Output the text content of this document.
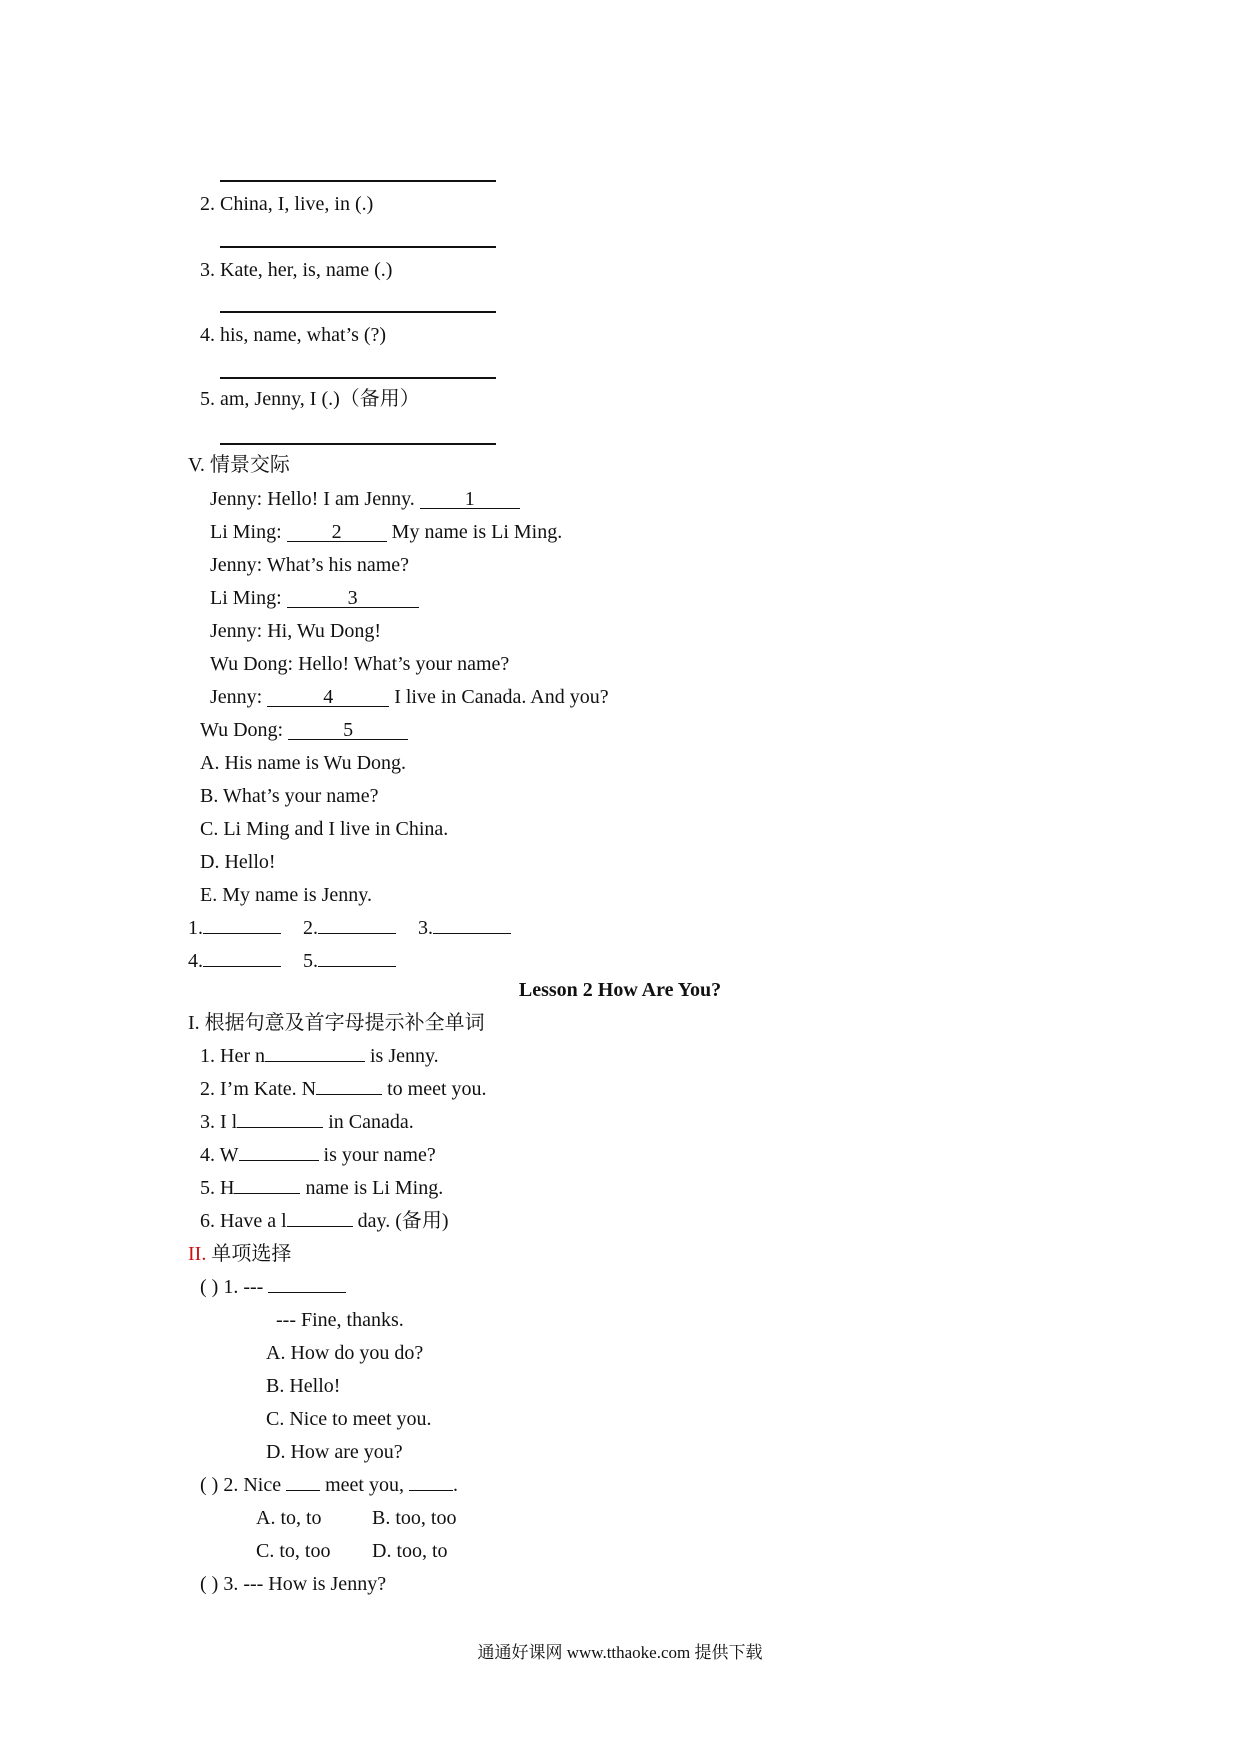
2. China, I, live, in (.)
3. Kate, her, is, name (.)
4. his, name, what’s (?)
5. am, Jenny, I (.)（备用）
V. 情景交际
Jenny: Hello! I am Jenny. 1
Li Ming: 2 My name is Li Ming.
Jenny: What’s his name?
Li Ming:	3
Jenny: Hi, Wu Dong!
Wu Dong: Hello! What’s your name?
Jenny:	4	I live in Canada. And you?
Wu Dong:	5
A. His name is Wu Dong.
B. What’s your name?
C. Li Ming and I live in China.
D. Hello!
E. My name is Jenny.
1.	2.	3.
4.	5.
Lesson 2 How Are You?
I. 根据句意及首字母提示补全单词
1. Her n	is Jenny.
2. I’m Kate. N	to meet you.
3. I l	in Canada.
4. W	is your name?
5. H	name is Li Ming.
6. Have a l	day. (备用)
II. 单项选择
( ) 1. ---
--- Fine, thanks.
A. How do you do?
B. Hello!
C. Nice to meet you.
D. How are you?
( ) 2. Nice  meet you, .
A. to, to	B. too, too
C. to, too D. too, to
( ) 3. --- How is Jenny?
通通好课网 www.tthaoke.com 提供下载
